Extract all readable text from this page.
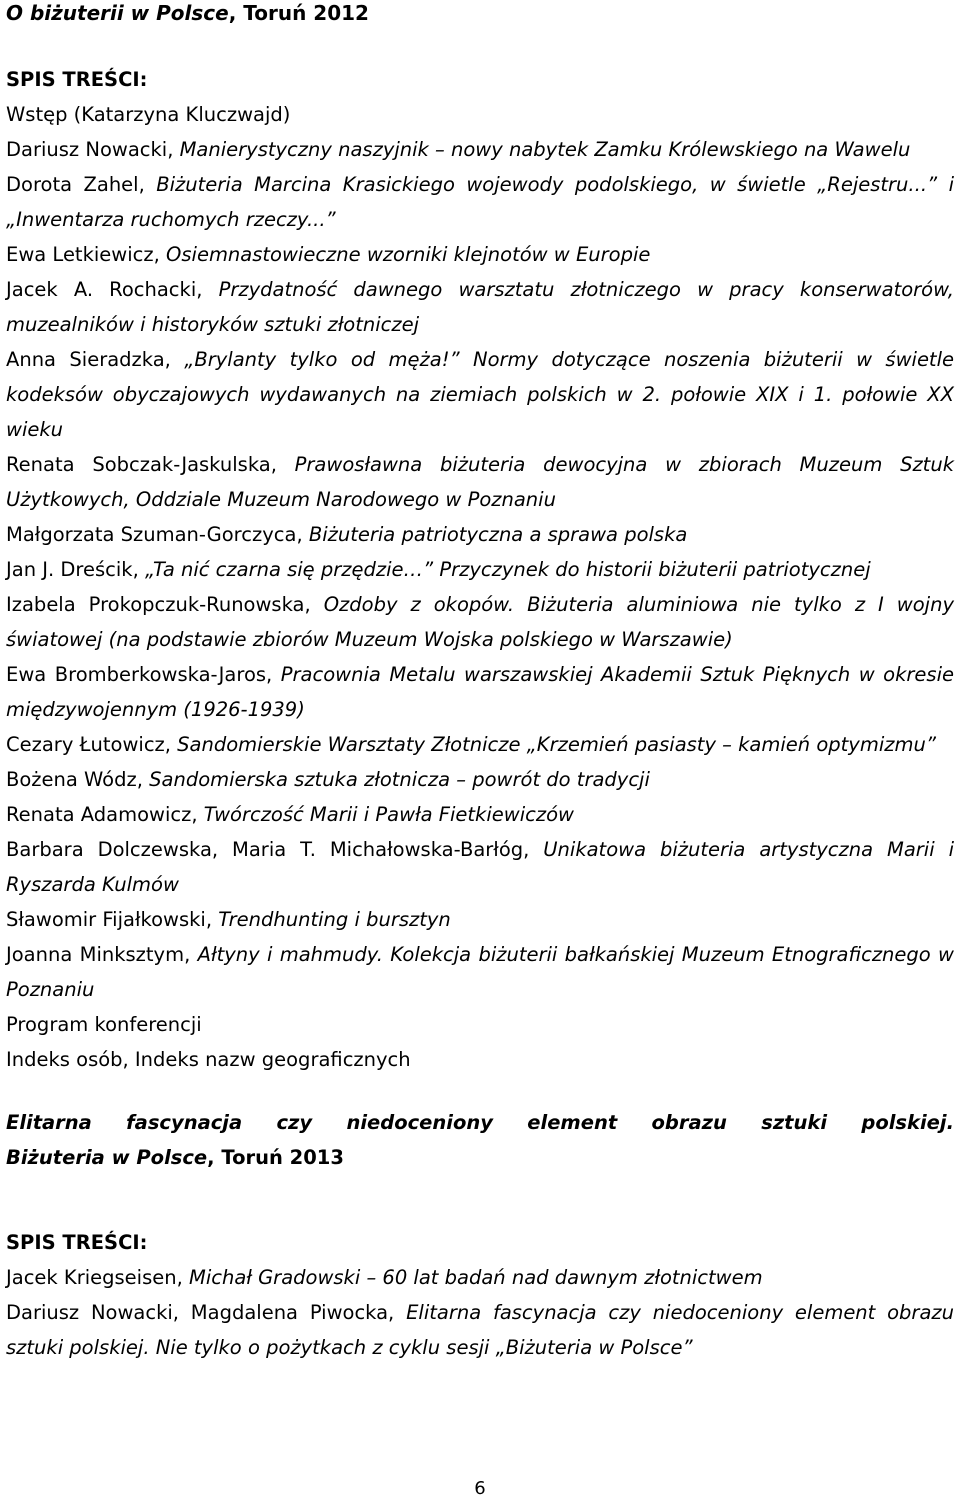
O biżuterii w Polsce, Toruń 2012
SPIS TREŚCI:

Wstęp (Katarzyna Kluczwajd)

Dariusz Nowacki, Manierystyczny naszyjnik – nowy nabytek Zamku Królewskiego na Wawelu

Dorota Zahel, Biżuteria Marcina Krasickiego wojewody podolskiego, w świetle „Rejestru...” i „Inwentarza ruchomych rzeczy...”

Ewa Letkiewicz, Osiemnastowieczne wzorniki klejnotów w Europie

Jacek A. Rochacki, Przydatność dawnego warsztatu złotniczego w pracy konserwatorów, muzealników i historyków sztuki złotniczej

Anna Sieradzka, „Brylanty tylko od męża!” Normy dotyczące noszenia biżuterii w świetle kodeksów obyczajowych wydawanych na ziemiach polskich w 2. połowie XIX i 1. połowie XX wieku

Renata Sobczak-Jaskulska, Prawosławna biżuteria dewocyjna w zbiorach Muzeum Sztuk Użytkowych, Oddziale Muzeum Narodowego w Poznaniu

Małgorzata Szuman-Gorczyca, Biżuteria patriotyczna a sprawa polska

Jan J. Dreścik, „Ta nić czarna się przędzie…” Przyczynek do historii biżuterii patriotycznej

Izabela Prokopczuk-Runowska, Ozdoby z okopów. Biżuteria aluminiowa nie tylko z I wojny światowej (na podstawie zbiorów Muzeum Wojska polskiego w Warszawie)

Ewa Bromberkowska-Jaros, Pracownia Metalu warszawskiej Akademii Sztuk Pięknych w okresie międzywojennym (1926-1939)

Cezary Łutowicz, Sandomierskie Warsztaty Złotnicze „Krzemień pasiasty – kamień optymizmu”

Bożena Wódz, Sandomierska sztuka złotnicza – powrót do tradycji

Renata Adamowicz, Twórczość Marii i Pawła Fietkiewiczów

Barbara Dolczewska, Maria T. Michałowska-Barłóg, Unikatowa biżuteria artystyczna Marii i Ryszarda Kulmów

Sławomir Fijałkowski, Trendhunting i bursztyn

Joanna Minksztym, Ałtyny i mahmudy. Kolekcja biżuterii bałkańskiej Muzeum Etnograficznego w Poznaniu

Program konferencji

Indeks osób, Indeks nazw geograficznych

Elitarna fascynacja czy niedoceniony element obrazu sztuki polskiej.

Biżuteria w Polsce, Toruń 2013

SPIS TREŚCI:

Jacek Kriegseisen, Michał Gradowski – 60 lat badań nad dawnym złotnictwem

Dariusz Nowacki, Magdalena Piwocka, Elitarna fascynacja czy niedoceniony element obrazu sztuki polskiej. Nie tylko o pożytkach z cyklu sesji „Biżuteria w Polsce”

6
